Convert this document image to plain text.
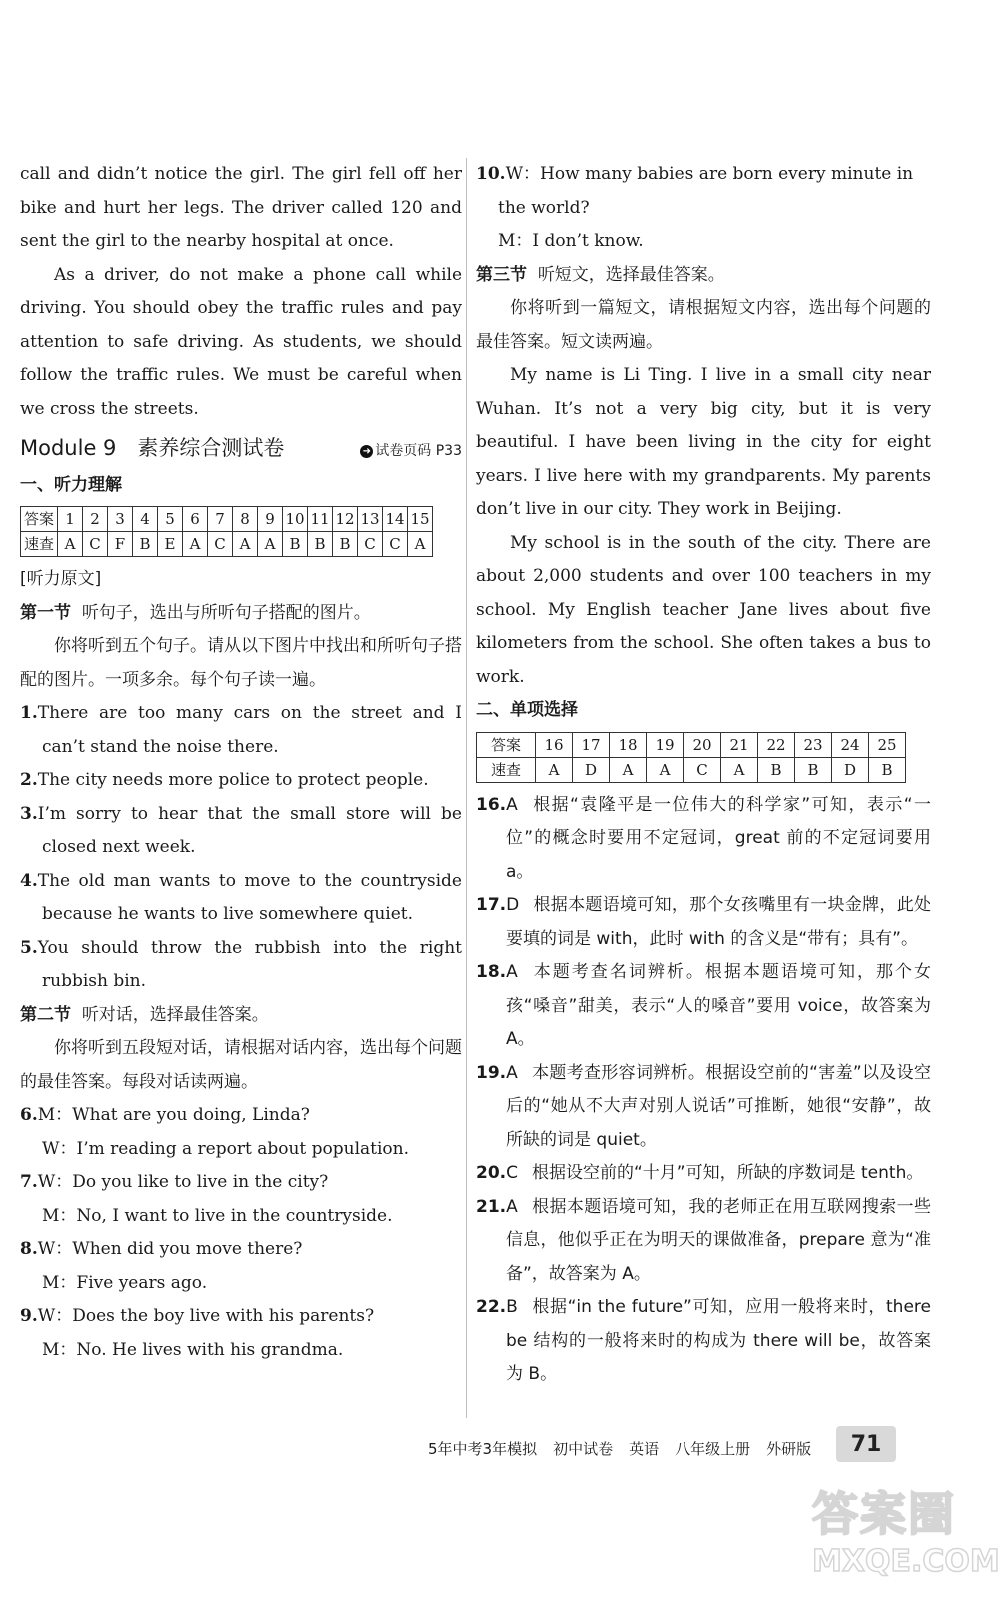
call and didn’t notice the girl. The girl fell off her bike and hurt her legs. The driver called 120 and sent the girl to the nearby hospital at once.

As a driver, do not make a phone call while driving. You should obey the traffic rules and pay attention to safe driving. As students, we should follow the traffic rules. We must be careful when we cross the streets.

Module 9　素养综合测试卷	➜ 试卷页码 P33
一、听力理解
答案	1	2	3	4	5	6	7	8	9	10	11	12	13	14	15
速查	A	C	F	B	E	A	C	A	A	B	B	B	C	C	A
[听力原文]
第一节 听句子，选出与所听句子搭配的图片。

你将听到五个句子。请从以下图片中找出和所听句子搭配的图片。一项多余。每个句子读一遍。

1.There are too many cars on the street and I can’t stand the noise there.
2.The city needs more police to protect people.
3.I’m sorry to hear that the small store will be closed next week.
4.The old man wants to move to the countryside because he wants to live somewhere quiet.
5.You should throw the rubbish into the right rubbish bin.
第二节 听对话，选择最佳答案。

你将听到五段短对话，请根据对话内容，选出每个问题的最佳答案。每段对话读两遍。

6.M：What are you doing, Linda?
W：I’m reading a report about population.
7.W：Do you like to live in the city?
M：No, I want to live in the countryside.
8.W：When did you move there?
M：Five years ago.
9.W：Does the boy live with his parents?
M：No. He lives with his grandma.
10.W：How many babies are born every minute in the world?
M：I don’t know.
第三节 听短文，选择最佳答案。

你将听到一篇短文，请根据短文内容，选出每个问题的最佳答案。短文读两遍。

My name is Li Ting. I live in a small city near Wuhan. It’s not a very big city, but it is very beautiful. I have been living in the city for eight years. I live here with my grandparents. My parents don’t live in our city. They work in Beijing.

My school is in the south of the city. There are about 2,000 students and over 100 teachers in my school. My English teacher Jane lives about five kilometers from the school. She often takes a bus to work.

二、单项选择
答案	16	17	18	19	20	21	22	23	24	25
速查	A	D	A	A	C	A	B	B	D	B
16.A 根据“袁隆平是一位伟大的科学家”可知，表示“一位”的概念时要用不定冠词，great 前的不定冠词要用 a。
17.D 根据本题语境可知，那个女孩嘴里有一块金牌，此处要填的词是 with，此时 with 的含义是“带有；具有”。
18.A 本题考查名词辨析。根据本题语境可知，那个女孩“嗓音”甜美，表示“人的嗓音”要用 voice，故答案为 A。
19.A 本题考查形容词辨析。根据设空前的“害羞”以及设空后的“她从不大声对别人说话”可推断，她很“安静”，故所缺的词是 quiet。
20.C 根据设空前的“十月”可知，所缺的序数词是 tenth。
21.A 根据本题语境可知，我的老师正在用互联网搜索一些信息，他似乎正在为明天的课做准备，prepare 意为“准备”，故答案为 A。
22.B 根据“in the future”可知，应用一般将来时，there be 结构的一般将来时的构成为 there will be，故答案为 B。
5年中考3年模拟 初中试卷 英语 八年级上册 外研版	71
答案圈
MXQE.COM
